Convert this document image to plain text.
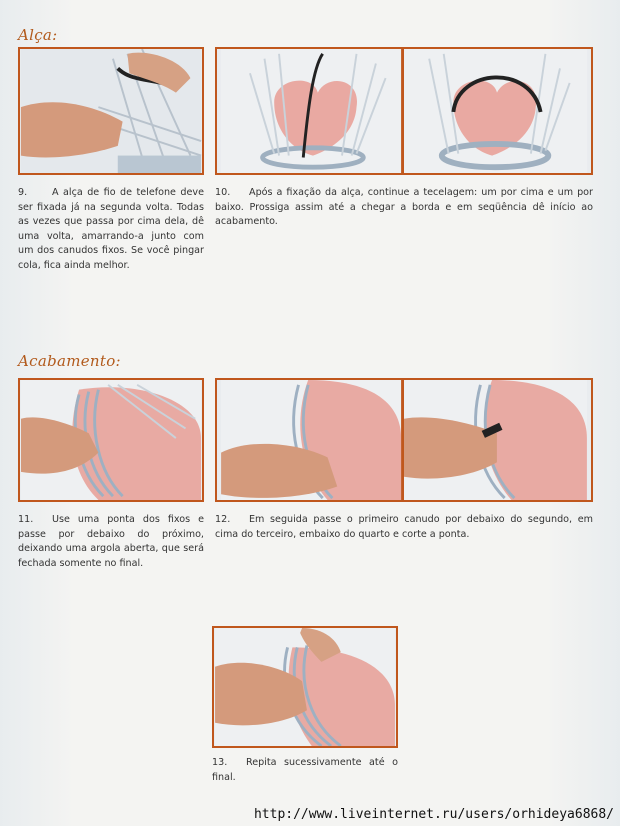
Alça:
9.	A alça de fio de telefone deve ser fixada já na segunda volta. Todas as vezes que passa por cima dela, dê uma volta, amarrando-a junto com um dos canudos fixos. Se você pingar cola, fica ainda melhor.
10. Após a fixação da alça, continue a tecelagem: um por cima e um por baixo. Prossiga assim até a chegar a borda e em seqüência dê início ao acabamento.
Acabamento:
11. Use uma ponta dos fixos e passe por debaixo do próximo, deixando uma argola aberta, que será fechada somente no final.
12. Em seguida passe o primeiro canudo por debaixo do segundo, em cima do terceiro, embaixo do quarto e corte a ponta.
13. Repita sucessivamente até o final.
http://www.liveinternet.ru/users/orhideya6868/
